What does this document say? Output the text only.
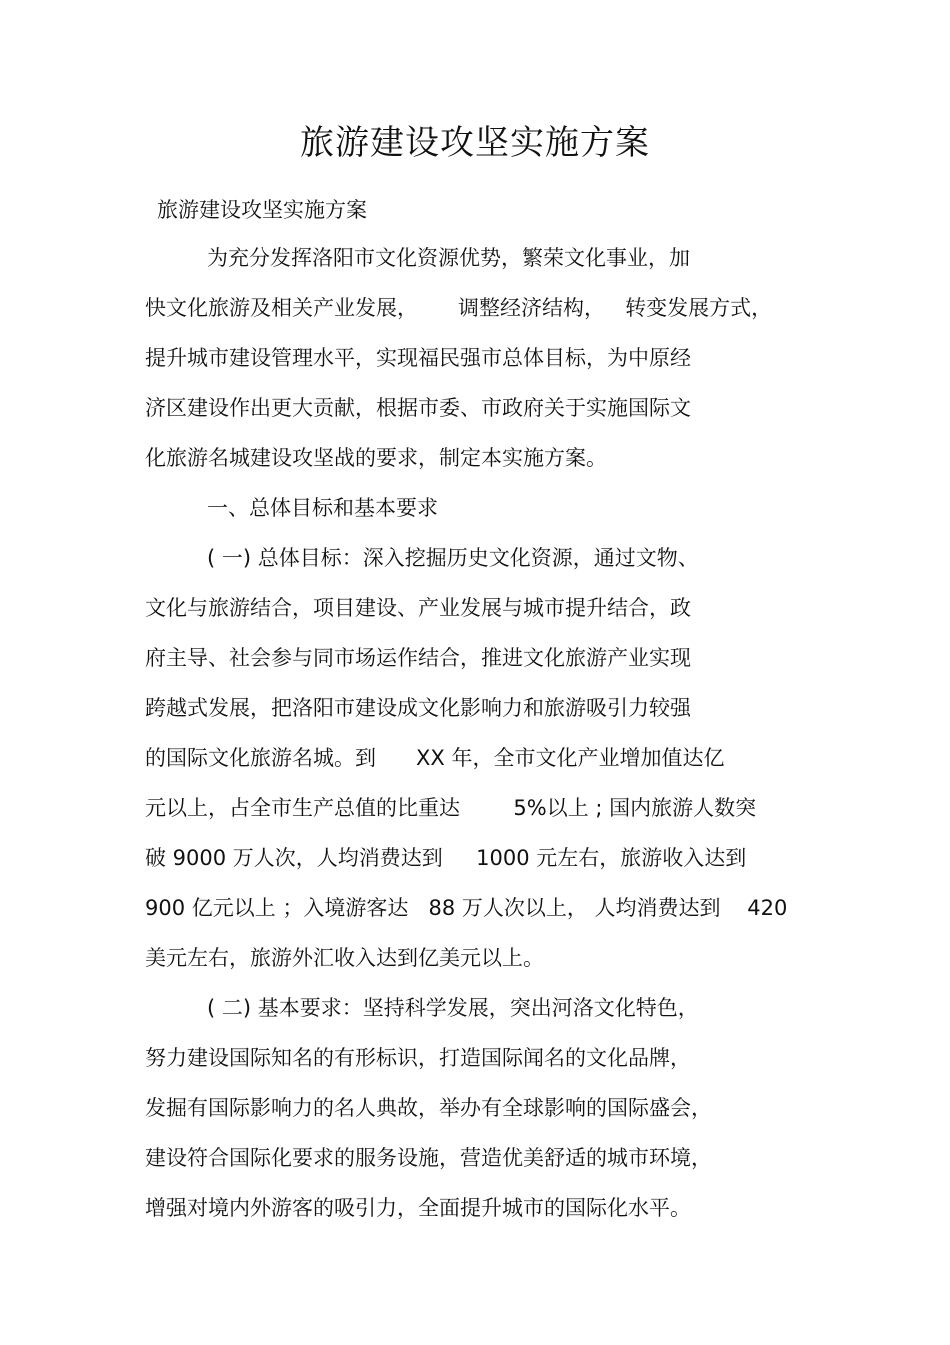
旅游建设攻坚实施方案
旅游建设攻坚实施方案
为充分发挥洛阳市文化资源优势，繁荣文化事业，加
快文化旅游及相关产业发展，      调整经济结构，   转变发展方式，
提升城市建设管理水平，实现福民强市总体目标，为中原经
济区建设作出更大贡献，根据市委、市政府关于实施国际文
化旅游名城建设攻坚战的要求，制定本实施方案。
一、总体目标和基本要求
( 一) 总体目标：深入挖掘历史文化资源，通过文物、
文化与旅游结合，项目建设、产业发展与城市提升结合，政
府主导、社会参与同市场运作结合，推进文化旅游产业实现
跨越式发展，把洛阳市建设成文化影响力和旅游吸引力较强
的国际文化旅游名城。到      XX 年，全市文化产业增加值达亿
元以上，占全市生产总值的比重达        5%以上 ; 国内旅游人数突
破 9000 万人次，人均消费达到     1000 元左右，旅游收入达到
900 亿元以上 ；入境游客达   88 万人次以上， 人均消费达到    420
美元左右，旅游外汇收入达到亿美元以上。
( 二) 基本要求：坚持科学发展，突出河洛文化特色，
努力建设国际知名的有形标识，打造国际闻名的文化品牌，
发掘有国际影响力的名人典故，举办有全球影响的国际盛会，
建设符合国际化要求的服务设施，营造优美舒适的城市环境，
增强对境内外游客的吸引力，全面提升城市的国际化水平。
